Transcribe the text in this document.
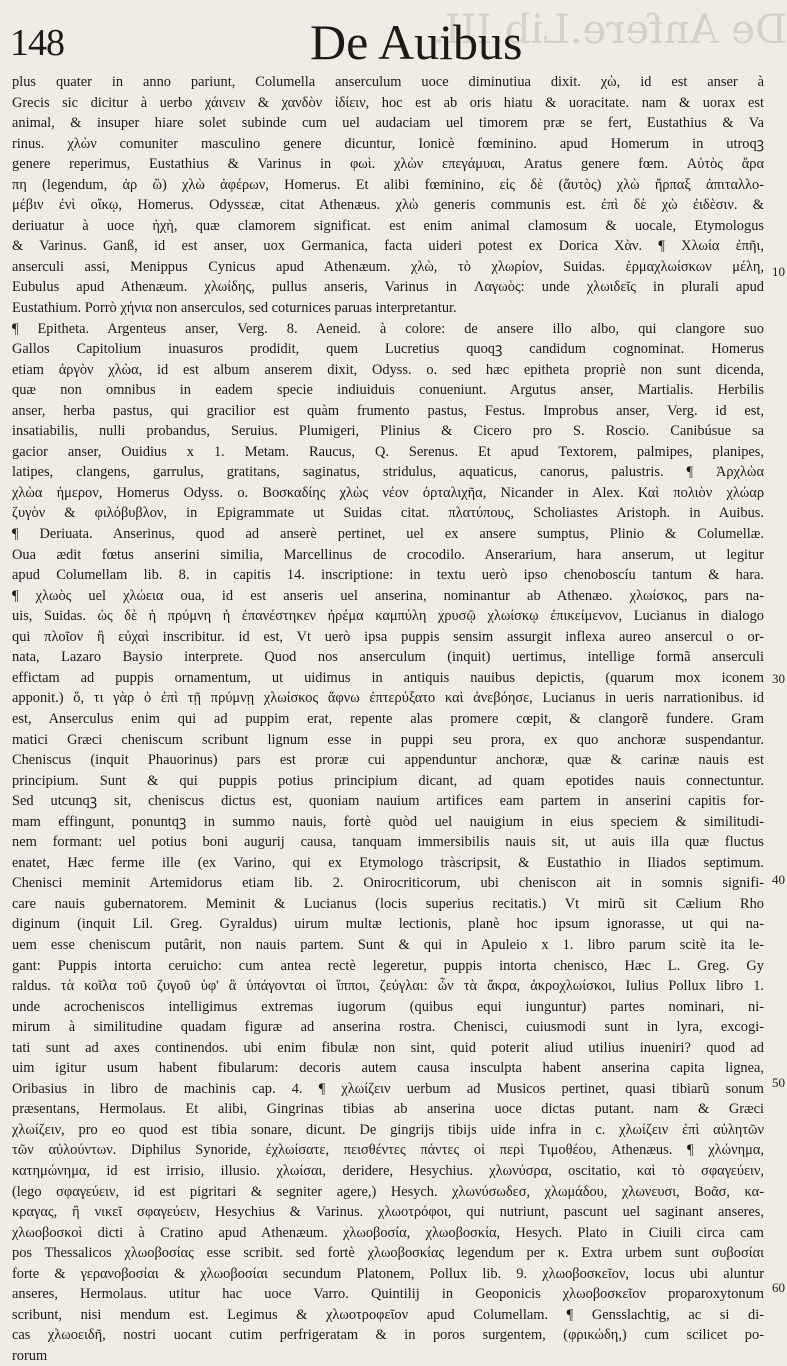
De Anfere.Lib.III.
148	De Auibus
plus quater in anno pariunt, Columella anserculum uoce diminutiua dixit. χὼ, id est anser à
Grecis sic dicitur à uerbo χάινειν & χανδὸν ἰδίειν, hoc est ab oris hiatu & uoracitate. nam & uorax est
animal, & insuper hiare solet subinde cum uel audaciam uel timorem præ se fert, Eustathius & Va
rinus. χλὼν comuniter masculino genere dicuntur, Ionicè fœminino. apud Homerum in utroqꝫ
genere reperimus, Eustathius & Varinus in φωὶ. χλὼν επεγάμυαι, Aratus genere fœm. Αὐτὸς ἄρα
πη (legendum, ἀρ ὢ) χλὼ ἀφέρων, Homerus. Et alibi fœminino, εἰς δὲ (ἄυτὸς) χλὼ ἤρπαξ ἀπιταλλο-
μέβιν ἐνὶ οἴκῳ, Homerus. Odyssεæ, citat Athenæus. χλὼ generis communis est. ἐπὶ δὲ χὼ ἐιδὲσιν. &
deriuatur à uoce ἠχὴ, quæ clamorem significat. est enim animal clamosum & uocale, Etymologus
& Varinus. Ganß, id est anser, uox Germanica, facta uideri potest ex Dorica Χὰν. ¶ Χλωία ἐπῆι,
anserculi assi, Menippus Cynicus apud Athenæum. χλὼ, τὸ χλωρίον, Suidas. ἑρμαχλωίσκων μέλη,
Eubulus apud Athenæum. χλωίδης, pullus anseris, Varinus in Λαγωὸς: unde χλωιδεῖς in plurali apud
Eustathium. Porrò χήνια non anserculos, sed coturnices paruas interpretantur.
¶ Epitheta. Argenteus anser, Verg. 8. Aeneid. à colore: de ansere illo albo, qui clangore suo
Gallos Capitolium inuasuros prodidit, quem Lucretius quoqꝫ candidum cognominat. Homerus
etiam ἀργὸν χλὼα, id est album anserem dixit, Odyss. o. sed hæc epitheta propriè non sunt dicenda,
quæ non omnibus in eadem specie indiuiduis conueniunt. Argutus anser, Martialis. Herbilis
anser, herba pastus, qui gracilior est quàm frumento pastus, Festus. Improbus anser, Verg. id est,
insatiabilis, nulli probandus, Seruius. Plumigeri, Plinius & Cicero pro S. Roscio. Canibúsue sa
gacior anser, Ouidius x 1. Metam. Raucus, Q. Serenus. Et apud Textorem, palmipes, planipes,
latipes, clangens, garrulus, gratitans, saginatus, stridulus, aquaticus, canorus, palustris. ¶ Ἀρχλὼα
χλὼα ἡμερον, Homerus Odyss. o. Βοσκαδίης χλὼς νέον ὀρταλιχῆα, Nicander in Alex. Καὶ πολιὸν χλώαρ
ζυγὸν & φιλόβυβλον, in Epigrammate ut Suidas citat. πλατύπους, Scholiastes Aristoph. in Auibus.
¶ Deriuata. Anserinus, quod ad anserè pertinet, uel ex ansere sumptus, Plinio & Columellæ.
Oua ædit fœtus anserini similia, Marcellinus de crocodilo. Anserarium, hara anserum, ut legitur
apud Columellam lib. 8. in capitis 14. inscriptione: in textu uerò ipso chenoboscíu tantum & hara.
¶ χλωὸς uel χλώεια oua, id est anseris uel anserina, nominantur ab Athenæo. χλωίσκος, pars na-
uis, Suidas. ὡς δὲ ἡ πρύμνη ἡ ἐπανέστηκεν ἠρέμα καμπύλη χρυσῷ χλωίσκῳ ἐπικείμενον, Lucianus in dialogo
qui πλοῖον ἢ εὐχαὶ inscribitur. id est, Vt uerò ipsa puppis sensim assurgit inflexa aureo ansercul o or-
nata, Lazaro Baysio interprete. Quod nos anserculum (inquit) uertimus, intellige formã anserculi
effictam ad puppis ornamentum, ut uidimus in antiquis nauibus depictis, (quarum mox iconem
apponit.) ὅ, τι γὰρ ὁ ἐπὶ τῇ πρύμνῃ χλωίσκος ἄφνω ἐπτερύξατο καὶ ἀνεβόησε, Lucianus in ueris narrationibus. id
est, Anserculus enim qui ad puppim erat, repente alas promere cœpit, & clangorẽ fundere. Gram
matici Græci cheniscum scribunt lignum esse in puppi seu prora, ex quo anchoræ suspendantur.
Cheniscus (inquit Phauorinus) pars est proræ cui appenduntur anchoræ, quæ & carinæ nauis est
principium. Sunt & qui puppis potius principium dicant, ad quam epotides nauis connectuntur.
Sed utcunqꝫ sit, cheniscus dictus est, quoniam nauium artifices eam partem in anserini capitis for-
mam effingunt, ponuntqꝫ in summo nauis, fortè quòd uel nauigium in eius speciem & similitudi-
nem formant: uel potius boni augurij causa, tanquam immersibilis nauis sit, ut auis illa quæ fluctus
enatet, Hæc ferme ille (ex Varino, qui ex Etymologo tràscripsit, & Eustathio in Iliados septimum.
Chenisci meminit Artemidorus etiam lib. 2. Onirocriticorum, ubi cheniscon ait in somnis signifi-
care nauis gubernatorem. Meminit & Lucianus (locis superius recitatis.) Vt mirũ sit Cælium Rho
diginum (inquit Lil. Greg. Gyraldus) uirum multæ lectionis, planè hoc ipsum ignorasse, ut qui na-
uem esse cheniscum putârit, non nauis partem. Sunt & qui in Apuleio x 1. libro parum scitè ita le-
gant: Puppis intorta ceruicho: cum antea rectè legeretur, puppis intorta chenisco, Hæc L. Greg. Gy
raldus. τὰ κοῖλα τοῦ ζυγοῦ ὑφ' ἃ ὑπάγονται οἱ ἵπποι, ζεύγλαι: ὧν τὰ ἄκρα, ἀκροχλωίσκοι, Iulius Pollux libro 1.
unde acrocheniscos intelligimus extremas iugorum (quibus equi iunguntur) partes nominari, ni-
mirum à similitudine quadam figuræ ad anserina rostra. Chenisci, cuiusmodi sunt in lyra, excogi-
tati sunt ad axes continendos. ubi enim fibulæ non sint, quid poterit aliud utilius inueniri? quod ad
uim igitur usum habent fibularum: decoris autem causa insculpta habent anserina capita lignea,
Oribasius in libro de machinis cap. 4. ¶ χλωίζειν uerbum ad Musicos pertinet, quasi tibiarũ sonum
præsentans, Hermolaus. Et alibi, Gingrinas tibias ab anserina uoce dictas putant. nam & Græci
χλωίζειν, pro eo quod est tibia sonare, dicunt. De gingrijs tibijs uide infra in c. χλωίζειν ἐπὶ αὐλητῶν
τῶν αὐλούντων. Diphilus Synoride, ἐχλωίσατε, πεισθέντες πάντες οἱ περὶ Τιμοθέου, Athenæus. ¶ χλώνημα,
κατημώνημα, id est irrisio, illusio. χλωίσαι, deridere, Hesychius. χλωνύσρα, oscitatio, καὶ τὸ σφαγεύειν,
(lego σφαγεύειν, id est pigritari & segniter agere,) Hesych. χλωνύσωδεσ, χλωμάδου, χλωνευσι, Βοᾶσ, κα-
κραγας, ἢ νικεῖ σφαγεύειν, Hesychius & Varinus. χλωοτρόφοι, qui nutriunt, pascunt uel saginant anseres,
χλωοβοσκοὶ dicti à Cratino apud Athenæum. χλωοβοσία, χλωοβοσκία, Hesych. Plato in Ciuili circa cam
pos Thessalicos χλωοβοσίας esse scribit. sed fortè χλωοβοσκίας legendum per κ. Extra urbem sunt συβοσίαι
forte & γερανοβοσίαι & χλωοβοσίαι secundum Platonem, Pollux lib. 9. χλωοβοσκεῖον, locus ubi aluntur
anseres, Hermolaus. utitur hac uoce Varro. Quintilij in Geoponicis χλωοβοσκεῖον proparoxytonum
scribunt, nisi mendum est. Legimus & χλωοτροφεῖον apud Columellam. ¶ Gensslachtig, ac si di-
cas χλωοειδῆ, nostri uocant cutim perfrigeratam & in poros surgentem, (φρικώδη,) cum scilicet po-
rorum
10
30
40
50
60
